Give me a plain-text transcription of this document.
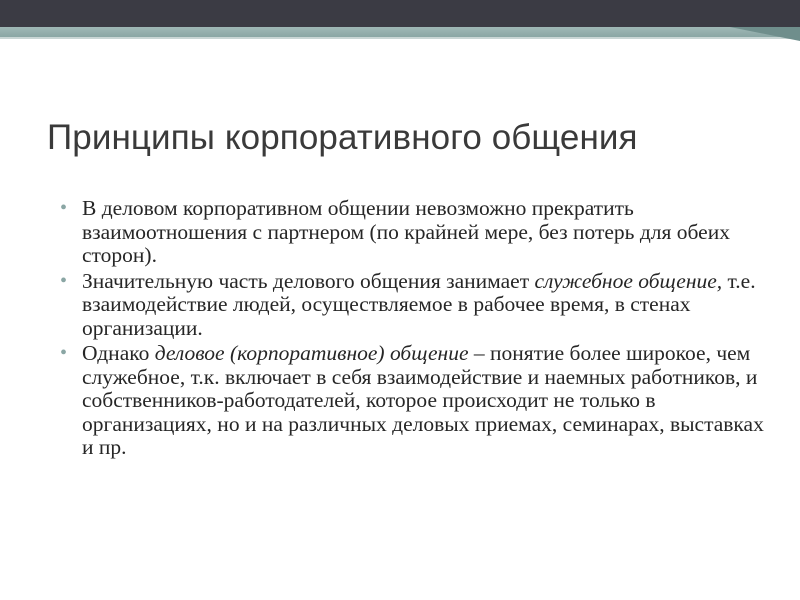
Принципы корпоративного общения
• В деловом корпоративном общении невозможно прекратить взаимоотношения с партнером (по крайней мере, без потерь для обеих сторон).
• Значительную часть делового общения занимает служебное общение, т.е. взаимодействие людей, осуществляемое в рабочее время, в стенах организации.
• Однако деловое (корпоративное) общение – понятие более широкое, чем служебное, т.к. включает в себя взаимодействие и наемных работников, и собственников-работодателей, которое происходит не только в организациях, но и на различных деловых приемах, семинарах, выставках и пр.
